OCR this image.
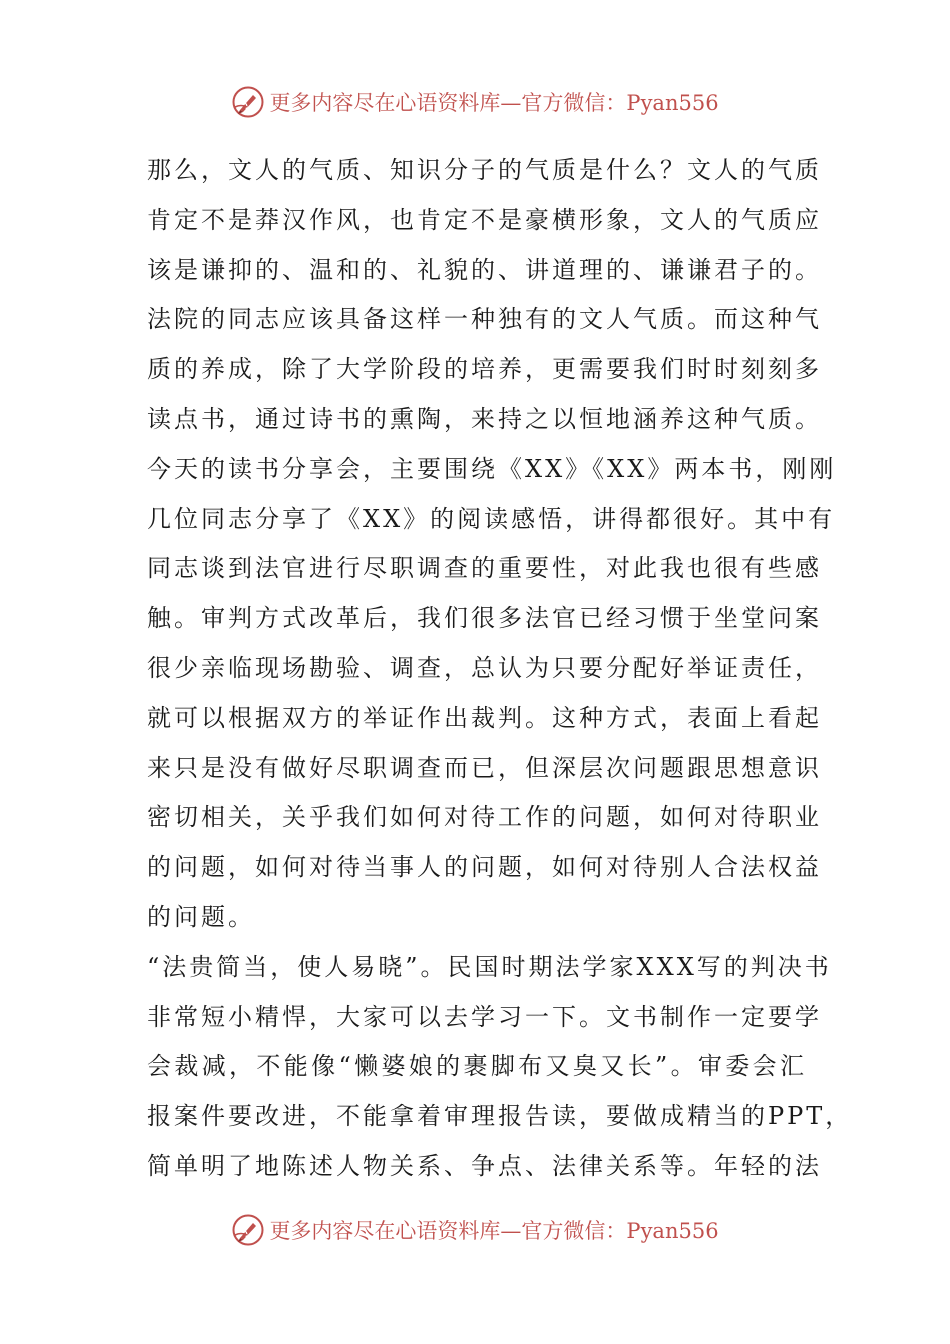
更多内容尽在心语资料库—官方微信：Pyan556
那么，文人的气质、知识分子的气质是什么？文人的气质
肯定不是莽汉作风，也肯定不是豪横形象，文人的气质应
该是谦抑的、温和的、礼貌的、讲道理的、谦谦君子的。
法院的同志应该具备这样一种独有的文人气质。而这种气
质的养成，除了大学阶段的培养，更需要我们时时刻刻多
读点书，通过诗书的熏陶，来持之以恒地涵养这种气质。
今天的读书分享会，主要围绕《XX》《XX》两本书，刚刚
几位同志分享了《XX》的阅读感悟，讲得都很好。其中有
同志谈到法官进行尽职调查的重要性，对此我也很有些感
触。审判方式改革后，我们很多法官已经习惯于坐堂问案
很少亲临现场勘验、调查，总认为只要分配好举证责任，
就可以根据双方的举证作出裁判。这种方式，表面上看起
来只是没有做好尽职调查而已，但深层次问题跟思想意识
密切相关，关乎我们如何对待工作的问题，如何对待职业
的问题，如何对待当事人的问题，如何对待别人合法权益
的问题。
“法贵简当，使人易晓”。民国时期法学家XXX写的判决书
非常短小精悍，大家可以去学习一下。文书制作一定要学
会裁减，不能像“懒婆娘的裹脚布又臭又长”。审委会汇
报案件要改进，不能拿着审理报告读，要做成精当的PPT，
简单明了地陈述人物关系、争点、法律关系等。年轻的法
更多内容尽在心语资料库—官方微信：Pyan556
